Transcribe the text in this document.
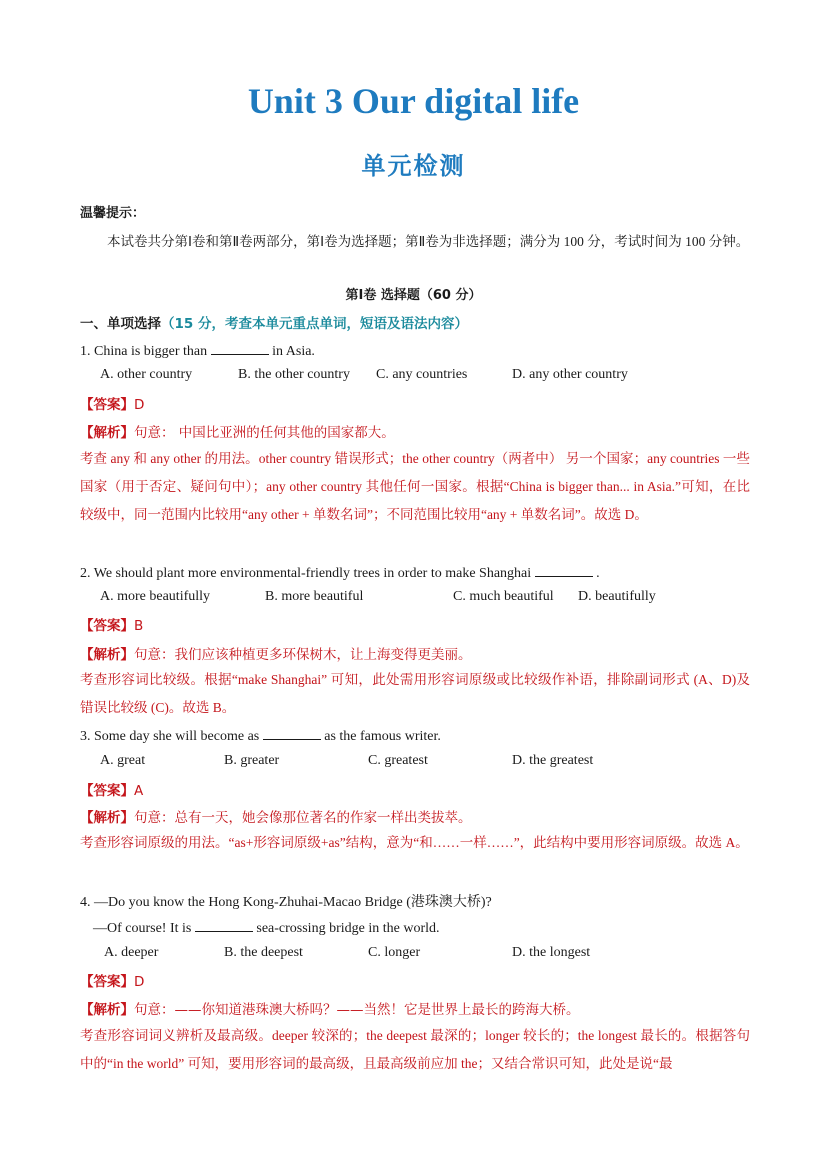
Unit 3 Our digital life
单元检测
温馨提示：
本试卷共分第Ⅰ卷和第Ⅱ卷两部分，第Ⅰ卷为选择题；第Ⅱ卷为非选择题；满分为 100 分，考试时间为 100 分钟。
第Ⅰ卷 选择题（60 分）
一、单项选择（15 分，考查本单元重点单词，短语及语法内容）
1. China is bigger than	in Asia.
A. other country	B. the other country C. any countries	D. any other country
【答案】D
【解析】句意： 中国比亚洲的任何其他的国家都大。
考查 any 和 any other 的用法。other country 错误形式；the other country（两者中） 另一个国家；any countries 一些国家（用于否定、疑问句中）；any other country 其他任何一国家。根据“China is bigger than... in Asia.”可知，在比较级中，同一范围内比较用“any other + 单数名词”；不同范围比较用“any + 单数名词”。故选 D。
2. We should plant more environmental-friendly trees in order to make Shanghai	.
A. more beautifully	B. more beautiful	C. much beautiful D. beautifully
【答案】B
【解析】句意：我们应该种植更多环保树木，让上海变得更美丽。
考查形容词比较级。根据“make Shanghai” 可知，此处需用形容词原级或比较级作补语，排除副词形式 (A、D)及错误比较级 (C)。故选 B。
3. Some day she will become as	as the famous writer.
A. great	B. greater	C. greatest	D. the greatest
【答案】A
【解析】句意：总有一天，她会像那位著名的作家一样出类拔萃。
考查形容词原级的用法。“as+形容词原级+as”结构，意为“和……一样……”，此结构中要用形容词原级。故选 A。
4. —Do you know the Hong Kong-Zhuhai-Macao Bridge (港珠澳大桥)?
—Of course! It is	sea-crossing bridge in the world.
A. deeper	B. the deepest	C. longer	D. the longest
【答案】D
【解析】句意：——你知道港珠澳大桥吗？——当然！它是世界上最长的跨海大桥。
考查形容词词义辨析及最高级。deeper 较深的；the deepest 最深的；longer 较长的；the longest 最长的。根据答句中的“in the world” 可知，要用形容词的最高级，且最高级前应加 the；又结合常识可知，此处是说“最
